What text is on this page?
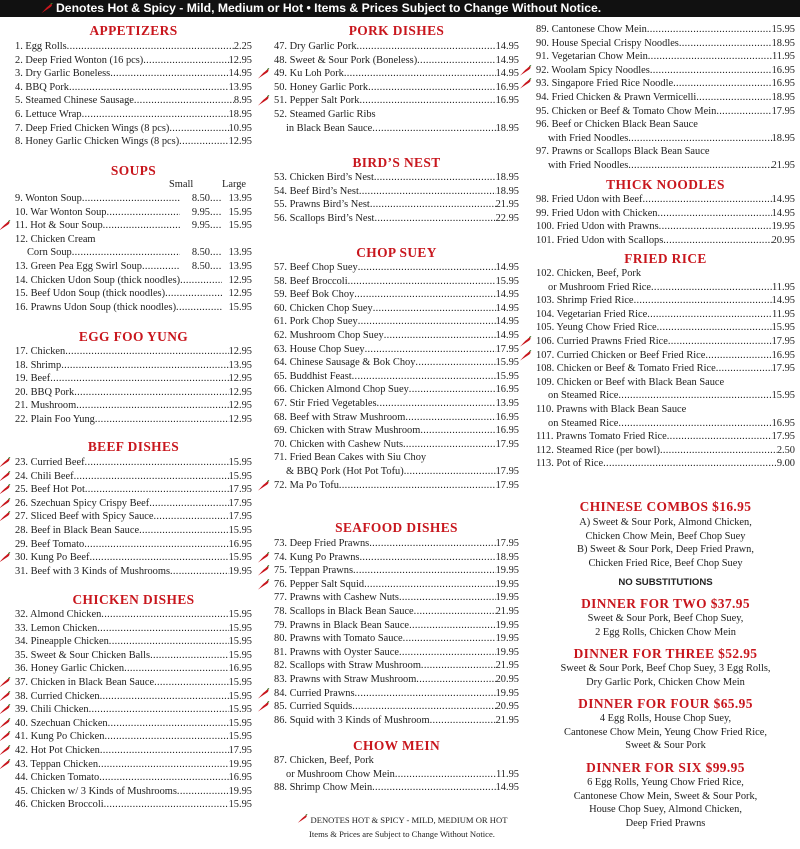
Denotes Hot & Spicy - Mild, Medium or Hot • Items & Prices Subject to Change Without Notice.
APPETIZERS
1. Egg Rolls .....	2.25
2. Deep Fried Wonton (16 pcs) .....	12.95
3. Dry Garlic Boneless .....	14.95
4. BBQ Pork .....	13.95
5. Steamed Chinese Sausage .....	8.95
6. Lettuce Wrap .....	18.95
7. Deep Fried Chicken Wings (8 pcs) .....	10.95
8. Honey Garlic Chicken Wings (8 pcs) .....	12.95
SOUPS
Small	Large
9. Wonton Soup .....	8.50 .....	13.95
10. War Wonton Soup .....	9.95 .....	15.95
11. Hot & Sour Soup .....	9.95 .....	15.95
12. Chicken Cream
Corn Soup .....	8.50 .....	13.95
13. Green Pea Egg Swirl Soup .....	8.50 .....	13.95
14. Chicken Udon Soup (thick noodles) .....	12.95
15. Beef Udon Soup (thick noodles) .....	12.95
16. Prawns Udon Soup (thick noodles) .....	15.95
EGG FOO YUNG
17. Chicken .....	12.95
18. Shrimp .....	13.95
19. Beef .....	12.95
20. BBQ Pork .....	12.95
21. Mushroom .....	12.95
22. Plain Foo Yung .....	12.95
BEEF DISHES
23. Curried Beef .....	15.95
24. Chili Beef .....	15.95
25. Beef Hot Pot .....	17.95
26. Szechuan Spicy Crispy Beef .....	17.95
27. Sliced Beef with Spicy Sauce .....	17.95
28. Beef in Black Bean Sauce .....	15.95
29. Beef Tomato .....	16.95
30. Kung Po Beef .....	15.95
31. Beef with 3 Kinds of Mushrooms .....	19.95
CHICKEN DISHES
32. Almond Chicken .....	15.95
33. Lemon Chicken .....	15.95
34. Pineapple Chicken .....	15.95
35. Sweet & Sour Chicken Balls .....	15.95
36. Honey Garlic Chicken .....	16.95
37. Chicken in Black Bean Sauce .....	15.95
38. Curried Chicken .....	15.95
39. Chili Chicken .....	15.95
40. Szechuan Chicken .....	15.95
41. Kung Po Chicken .....	15.95
42. Hot Pot Chicken .....	17.95
43. Teppan Chicken .....	19.95
44. Chicken Tomato .....	16.95
45. Chicken w/ 3 Kinds of Mushrooms .....	19.95
46. Chicken Broccoli .....	15.95
PORK DISHES
47. Dry Garlic Pork .....	14.95
48. Sweet & Sour Pork (Boneless) .....	14.95
49. Ku Loh Pork .....	14.95
50. Honey Garlic Pork .....	16.95
51. Pepper Salt Pork .....	16.95
52. Steamed Garlic Ribs
in Black Bean Sauce .....	18.95
BIRD’S NEST
53. Chicken Bird’s Nest .....	18.95
54. Beef Bird’s Nest .....	18.95
55. Prawns Bird’s Nest .....	21.95
56. Scallops Bird’s Nest .....	22.95
CHOP SUEY
57. Beef Chop Suey .....	14.95
58. Beef Broccoli .....	15.95
59. Beef Bok Choy .....	14.95
60. Chicken Chop Suey .....	14.95
61. Pork Chop Suey .....	14.95
62. Mushroom Chop Suey .....	14.95
63. House Chop Suey .....	17.95
64. Chinese Sausage & Bok Choy .....	15.95
65. Buddhist Feast .....	15.95
66. Chicken Almond Chop Suey .....	16.95
67. Stir Fried Vegetables .....	13.95
68. Beef with Straw Mushroom .....	16.95
69. Chicken with Straw Mushroom .....	16.95
70. Chicken with Cashew Nuts .....	17.95
71. Fried Bean Cakes with Siu Choy
& BBQ Pork (Hot Pot Tofu) .....	17.95
72. Ma Po Tofu .....	17.95
SEAFOOD DISHES
73. Deep Fried Prawns .....	17.95
74. Kung Po Prawns .....	18.95
75. Teppan Prawns .....	19.95
76. Pepper Salt Squid .....	19.95
77. Prawns with Cashew Nuts .....	19.95
78. Scallops in Black Bean Sauce .....	21.95
79. Prawns in Black Bean Sauce .....	19.95
80. Prawns with Tomato Sauce .....	19.95
81. Prawns with Oyster Sauce .....	19.95
82. Scallops with Straw Mushroom .....	21.95
83. Prawns with Straw Mushroom .....	20.95
84. Curried Prawns .....	19.95
85. Curried Squids .....	20.95
86. Squid with 3 Kinds of Mushroom .....	21.95
CHOW MEIN
87. Chicken, Beef, Pork
or Mushroom Chow Mein .....	11.95
88. Shrimp Chow Mein .....	14.95
89. Cantonese Chow Mein .....	15.95
90. House Special Crispy Noodles .....	18.95
91. Vegetarian Chow Mein .....	11.95
92. Woolam Spicy Noodles .....	16.95
93. Singapore Fried Rice Noodle .....	16.95
94. Fried Chicken & Prawn Vermicelli .....	18.95
95. Chicken or Beef & Tomato Chow Mein .....	17.95
96. Beef or Chicken Black Bean Sauce
with Fried Noodles .....	18.95
97. Prawns or Scallops Black Bean Sauce
with Fried Noodles .....	21.95
THICK NOODLES
98. Fried Udon with Beef .....	14.95
99. Fried Udon with Chicken .....	14.95
100. Fried Udon with Prawns .....	19.95
101. Fried Udon with Scallops .....	20.95
FRIED RICE
102. Chicken, Beef, Pork
or Mushroom Fried Rice .....	11.95
103. Shrimp Fried Rice .....	14.95
104. Vegetarian Fried Rice .....	11.95
105. Yeung Chow Fried Rice .....	15.95
106. Curried Prawns Fried Rice .....	17.95
107. Curried Chicken or Beef Fried Rice .....	16.95
108. Chicken or Beef & Tomato Fried Rice .....	17.95
109. Chicken or Beef with Black Bean Sauce
on Steamed Rice .....	15.95
110. Prawns with Black Bean Sauce
on Steamed Rice .....	16.95
111. Prawns Tomato Fried Rice .....	17.95
112. Steamed Rice (per bowl) .....	2.50
113. Pot of Rice .....	9.00
CHINESE COMBOS $16.95
A) Sweet & Sour Pork, Almond Chicken,
Chicken Chow Mein, Beef Chop Suey
B) Sweet & Sour Pork, Deep Fried Prawn,
Chicken Fried Rice, Beef Chop Suey
NO SUBSTITUTIONS
DINNER FOR TWO $37.95
Sweet & Sour Pork, Beef Chop Suey,
2 Egg Rolls, Chicken Chow Mein
DINNER FOR THREE $52.95
Sweet & Sour Pork, Beef Chop Suey, 3 Egg Rolls,
Dry Garlic Pork, Chicken Chow Mein
DINNER FOR FOUR $65.95
4 Egg Rolls, House Chop Suey,
Cantonese Chow Mein, Yeung Chow Fried Rice,
Sweet & Sour Pork
DINNER FOR SIX $99.95
6 Egg Rolls, Yeung Chow Fried Rice,
Cantonese Chow Mein, Sweet & Sour Pork,
House Chop Suey, Almond Chicken,
Deep Fried Prawns
DENOTES HOT & SPICY - MILD, MEDIUM OR HOT
Items & Prices are Subject to Change Without Notice.
